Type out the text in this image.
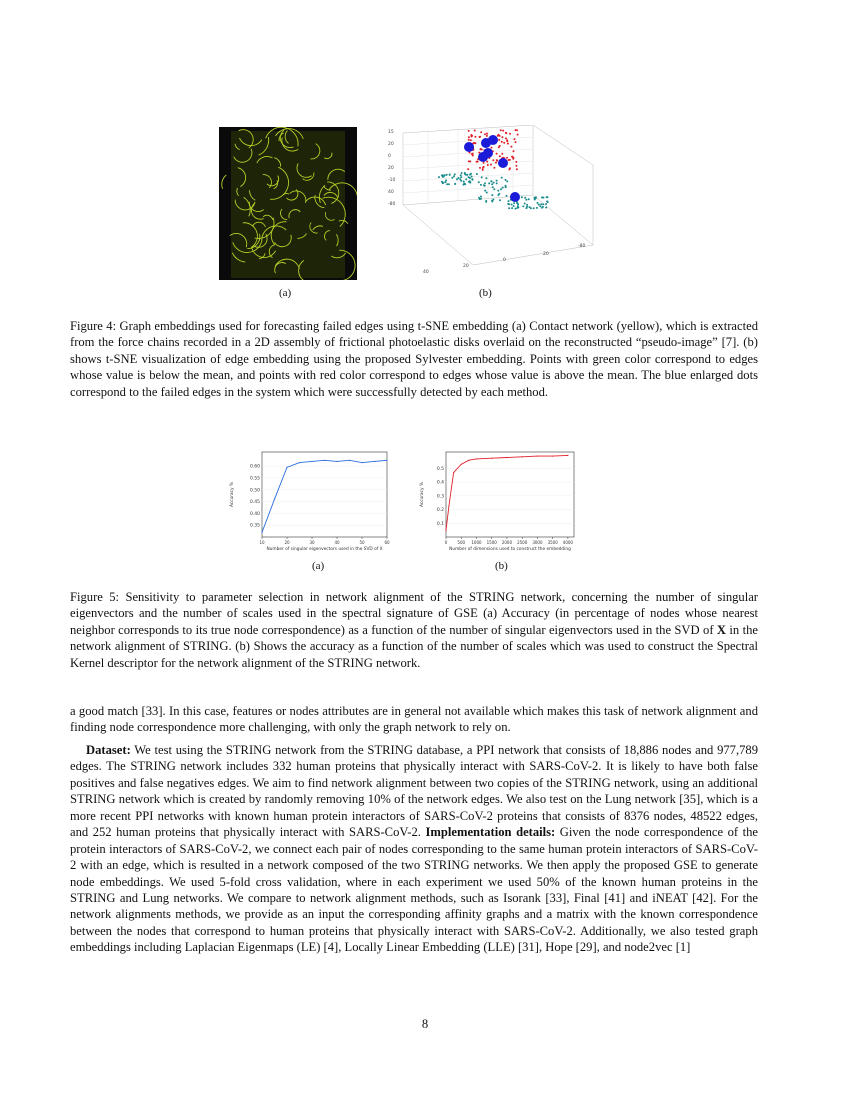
(a)
15
20
0
20
-10
40
-80
40
20
0
20
-80
(b)
Figure 4: Graph embeddings used for forecasting failed edges using t-SNE embedding (a) Contact network (yellow), which is extracted from the force chains recorded in a 2D assembly of frictional photoelastic disks overlaid on the reconstructed “pseudo-image” [7]. (b) shows t-SNE visualization of edge embedding using the proposed Sylvester embedding. Points with green color correspond to edges whose value is below the mean, and points with red color correspond to edges whose value is above the mean. The blue enlarged dots correspond to the failed edges in the system which were successfully detected by each method.
0.35
0.40
0.45
0.50
0.55
0.60
10	20	30	40	50	60
Number of singular eigenvectors used in the SVD of X
Accuracy %
(a)
0.1
0.2
0.3
0.4
0.5
0	500 1000 1500 2000 2500 3000 3500 4000
Number of dimensions used to construct the embedding
Accuracy %
(b)
Figure 5: Sensitivity to parameter selection in network alignment of the STRING network, concerning the number of singular eigenvectors and the number of scales used in the spectral signature of GSE (a) Accuracy (in percentage of nodes whose nearest neighbor corresponds to its true node correspondence) as a function of the number of singular eigenvectors used in the SVD of X in the network alignment of STRING. (b) Shows the accuracy as a function of the number of scales which was used to construct the Spectral Kernel descriptor for the network alignment of the STRING network.

a good match [33]. In this case, features or nodes attributes are in general not available which makes this task of network alignment and finding node correspondence more challenging, with only the graph network to rely on.

Dataset: We test using the STRING network from the STRING database, a PPI network that consists of 18,886 nodes and 977,789 edges. The STRING network includes 332 human proteins that physically interact with SARS-CoV-2. It is likely to have both false positives and false negatives edges. We aim to find network alignment between two copies of the STRING network, using an additional STRING network which is created by randomly removing 10% of the network edges. We also test on the Lung network [35], which is a more recent PPI networks with known human protein interactors of SARS-CoV-2 proteins that consists of 8376 nodes, 48522 edges, and 252 human proteins that physically interact with SARS-CoV-2. Implementation details: Given the node correspondence of the protein interactors of SARS-CoV-2, we connect each pair of nodes corresponding to the same human protein interactors of SARS-CoV-2 with an edge, which is resulted in a network composed of the two STRING networks. We then apply the proposed GSE to generate node embeddings. We used 5-fold cross validation, where in each experiment we used 50% of the known human proteins in the STRING and Lung networks. We compare to network alignment methods, such as Isorank [33], Final [41] and iNEAT [42]. For the network alignments methods, we provide as an input the corresponding affinity graphs and a matrix with the known correspondence between the nodes that correspond to human proteins that physically interact with SARS-CoV-2. Additionally, we also tested graph embeddings including Laplacian Eigenmaps (LE) [4], Locally Linear Embedding (LLE) [31], Hope [29], and node2vec [1]

8
